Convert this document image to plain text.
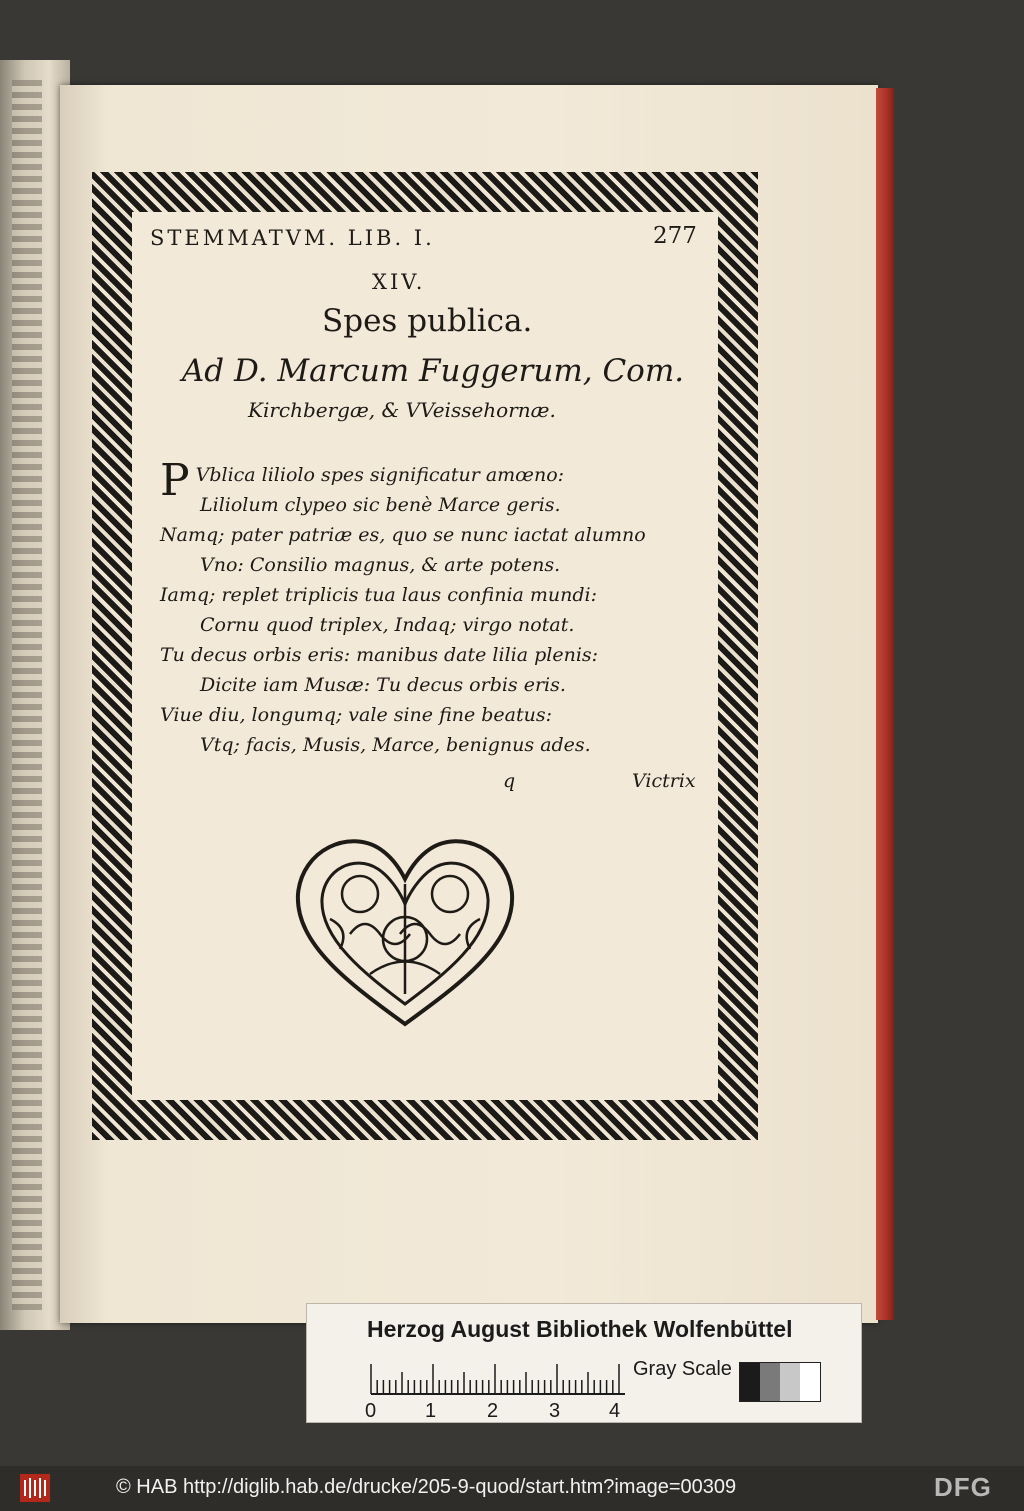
STEMMATVM. LIB. I.	277
XIV.
Spes publica.
Ad D. Marcum Fuggerum, Com.
Kirchbergæ, & VVeissehornæ.
P Vblica liliolo spes significatur amœno:
Liliolum clypeo sic benè Marce geris.
Namq; pater patriæ es, quo se nunc iactat alumno
Vno: Consilio magnus, & arte potens.
Iamq; replet triplicis tua laus confinia mundi:
Cornu quod triplex, Indaq; virgo notat.
Tu decus orbis eris: manibus date lilia plenis:
Dicite iam Musæ: Tu decus orbis eris.
Viue diu, longumq; vale sine fine beatus:
Vtq; facis, Musis, Marce, benignus ades.
q	Victrix
Herzog August Bibliothek Wolfenbüttel
0 1	2	3 4
Gray Scale
© HAB http://diglib.hab.de/drucke/205-9-quod/start.htm?image=00309	DFG
